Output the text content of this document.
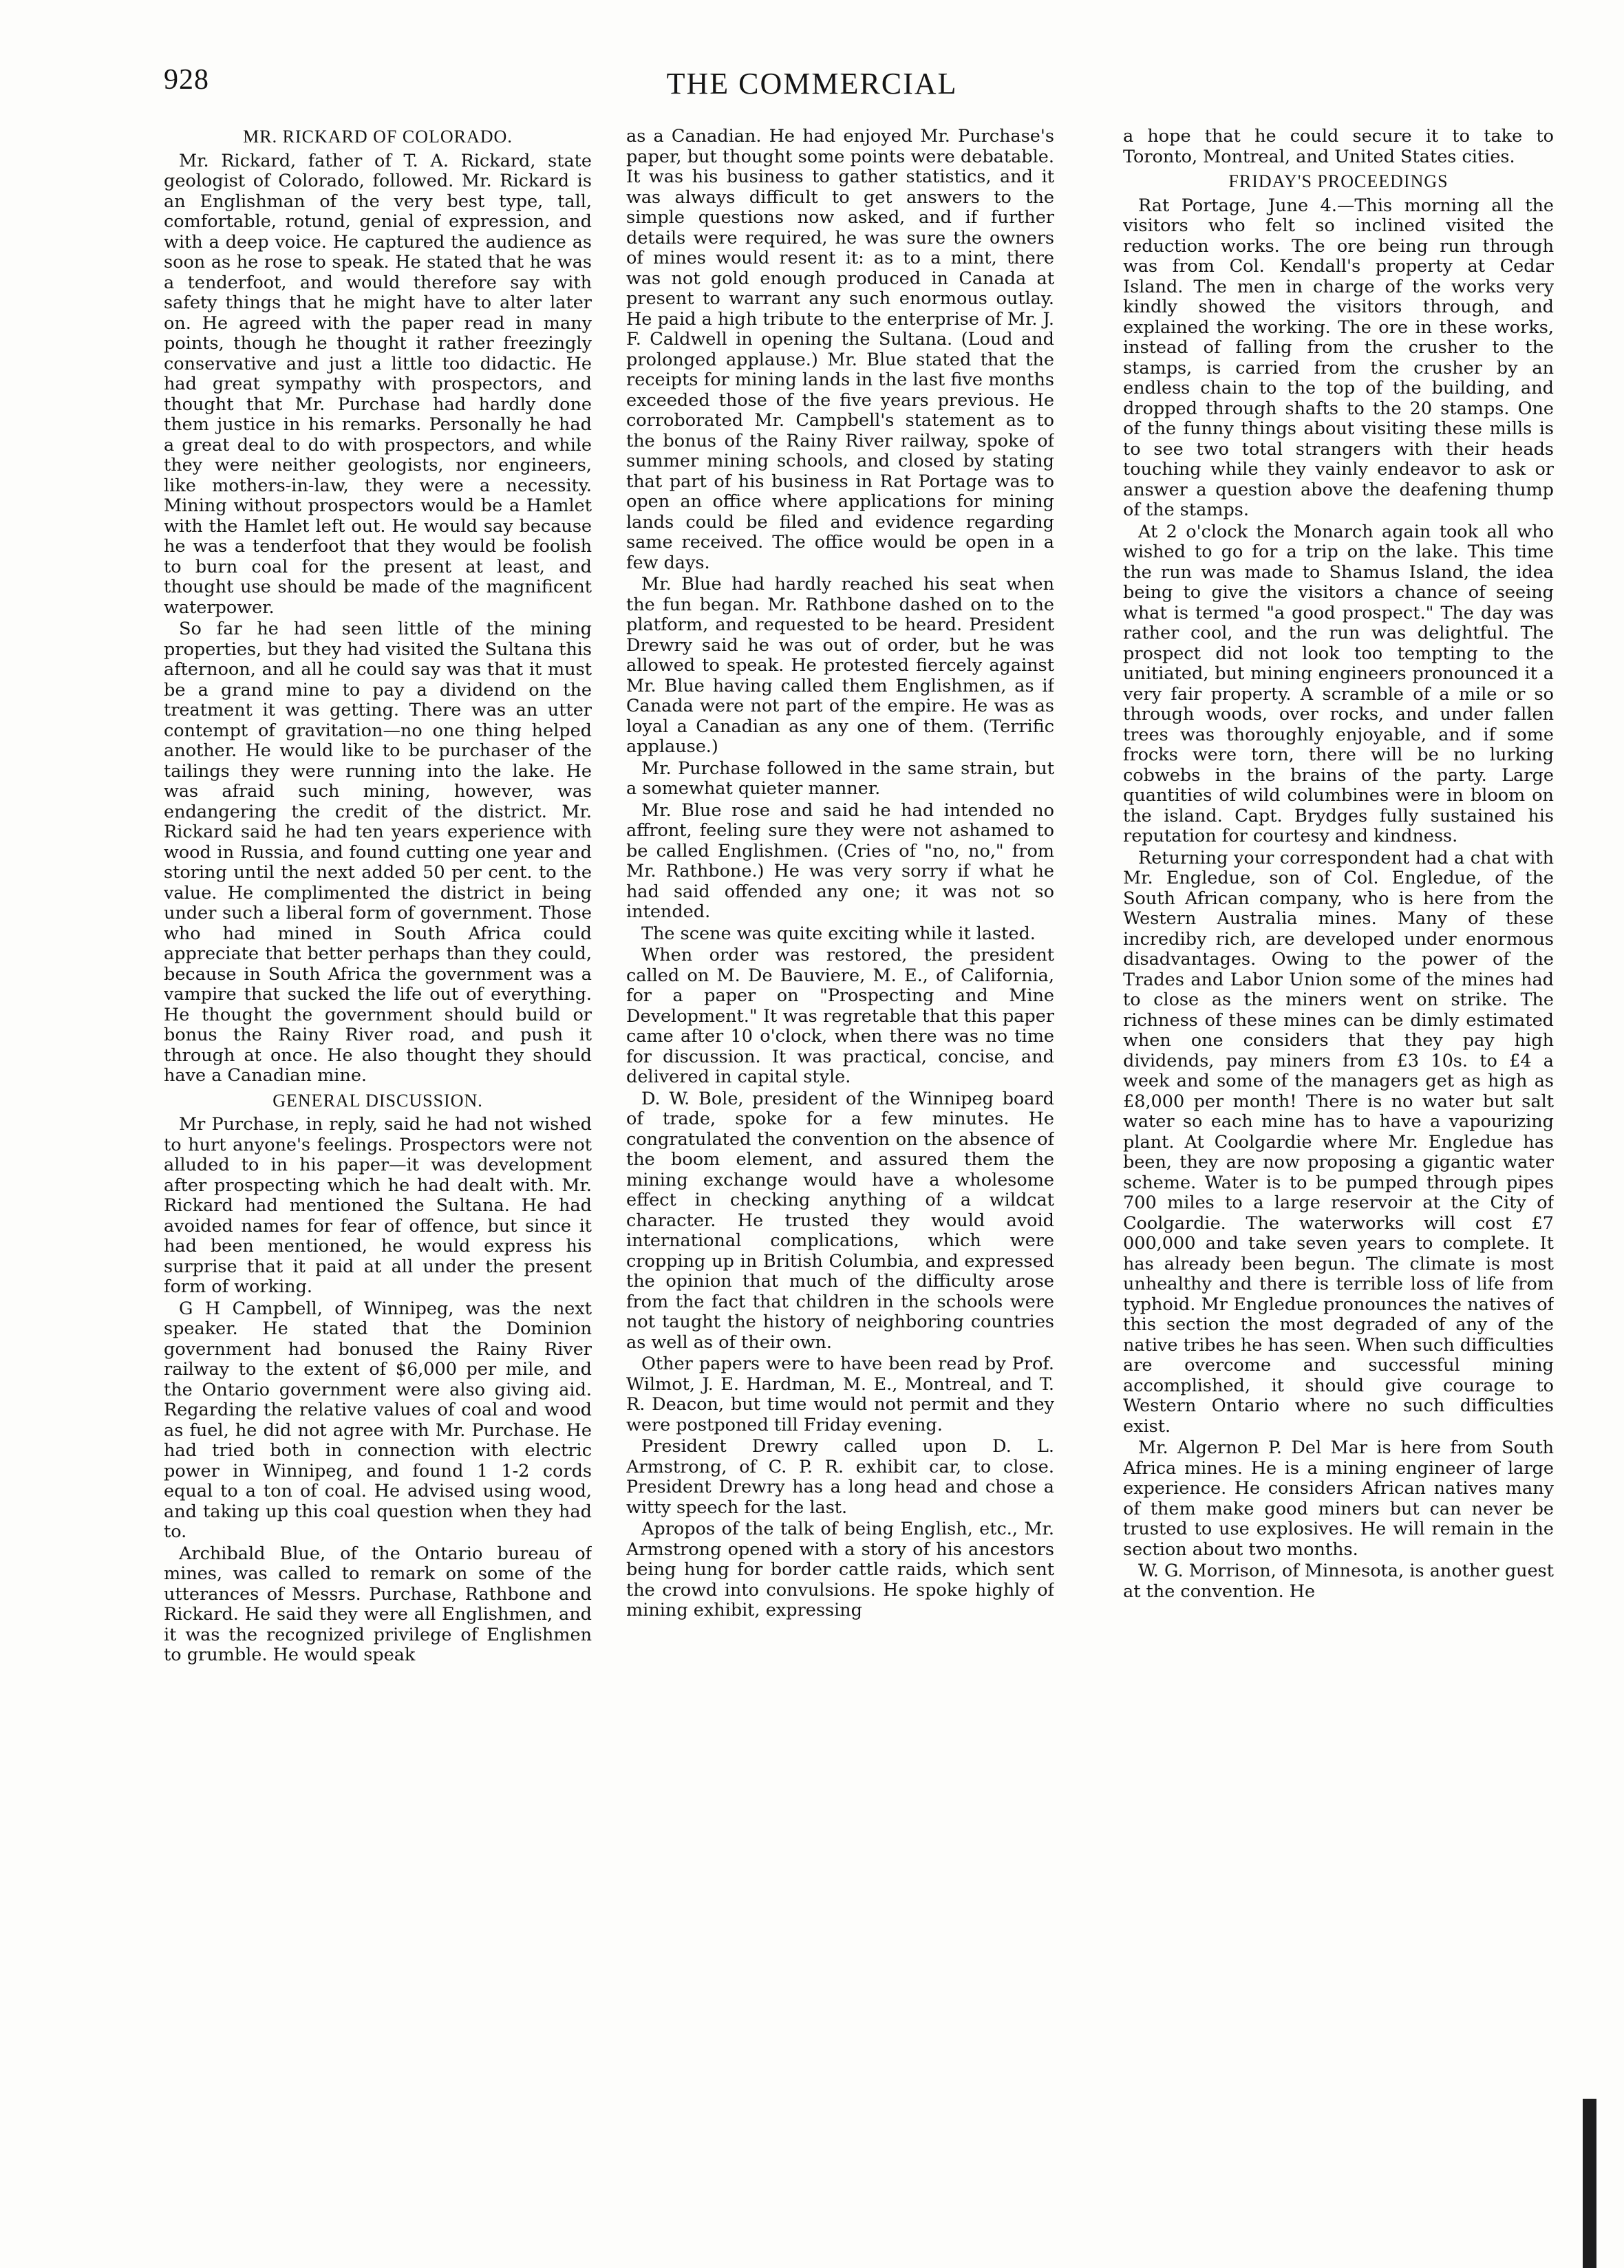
928	THE COMMERCIAL
MR. RICKARD OF COLORADO.

Mr. Rickard, father of T. A. Rickard, state geologist of Colorado, followed. Mr. Rickard is an Englishman of the very best type, tall, comfortable, rotund, genial of expression, and with a deep voice. He captured the audience as soon as he rose to speak. He stated that he was a tenderfoot, and would therefore say with safety things that he might have to alter later on. He agreed with the paper read in many points, though he thought it rather freezingly conservative and just a little too didactic. He had great sympathy with prospectors, and thought that Mr. Purchase had hardly done them justice in his remarks. Personally he had a great deal to do with prospectors, and while they were neither geologists, nor engineers, like mothers-in-law, they were a necessity. Mining without prospectors would be a Hamlet with the Hamlet left out. He would say because he was a tenderfoot that they would be foolish to burn coal for the present at least, and thought use should be made of the magnificent waterpower.

So far he had seen little of the mining properties, but they had visited the Sultana this afternoon, and all he could say was that it must be a grand mine to pay a dividend on the treatment it was getting. There was an utter contempt of gravitation—no one thing helped another. He would like to be purchaser of the tailings they were running into the lake. He was afraid such mining, however, was endangering the credit of the district. Mr. Rickard said he had ten years experience with wood in Russia, and found cutting one year and storing until the next added 50 per cent. to the value. He complimented the district in being under such a liberal form of government. Those who had mined in South Africa could appreciate that better perhaps than they could, because in South Africa the government was a vampire that sucked the life out of everything. He thought the government should build or bonus the Rainy River road, and push it through at once. He also thought they should have a Canadian mine.

GENERAL DISCUSSION.

Mr Purchase, in reply, said he had not wished to hurt anyone's feelings. Prospectors were not alluded to in his paper—it was development after prospecting which he had dealt with. Mr. Rickard had mentioned the Sultana. He had avoided names for fear of offence, but since it had been mentioned, he would express his surprise that it paid at all under the present form of working.

G H Campbell, of Winnipeg, was the next speaker. He stated that the Dominion government had bonused the Rainy River railway to the extent of $6,000 per mile, and the Ontario government were also giving aid. Regarding the relative values of coal and wood as fuel, he did not agree with Mr. Purchase. He had tried both in connection with electric power in Winnipeg, and found 1 1-2 cords equal to a ton of coal. He advised using wood, and taking up this coal question when they had to.

Archibald Blue, of the Ontario bureau of mines, was called to remark on some of the utterances of Messrs. Purchase, Rathbone and Rickard. He said they were all Englishmen, and it was the recognized privilege of Englishmen to grumble. He would speak

as a Canadian. He had enjoyed Mr. Purchase's paper, but thought some points were debatable. It was his business to gather statistics, and it was always difficult to get answers to the simple questions now asked, and if further details were required, he was sure the owners of mines would resent it: as to a mint, there was not gold enough produced in Canada at present to warrant any such enormous outlay. He paid a high tribute to the enterprise of Mr. J. F. Caldwell in opening the Sultana. (Loud and prolonged applause.) Mr. Blue stated that the receipts for mining lands in the last five months exceeded those of the five years previous. He corroborated Mr. Campbell's statement as to the bonus of the Rainy River railway, spoke of summer mining schools, and closed by stating that part of his business in Rat Portage was to open an office where applications for mining lands could be filed and evidence regarding same received. The office would be open in a few days.

Mr. Blue had hardly reached his seat when the fun began. Mr. Rathbone dashed on to the platform, and requested to be heard. President Drewry said he was out of order, but he was allowed to speak. He protested fiercely against Mr. Blue having called them Englishmen, as if Canada were not part of the empire. He was as loyal a Canadian as any one of them. (Terrific applause.)

Mr. Purchase followed in the same strain, but a somewhat quieter manner.

Mr. Blue rose and said he had intended no affront, feeling sure they were not ashamed to be called Englishmen. (Cries of "no, no," from Mr. Rathbone.) He was very sorry if what he had said offended any one; it was not so intended.

The scene was quite exciting while it lasted.

When order was restored, the president called on M. De Bauviere, M. E., of California, for a paper on "Prospecting and Mine Development." It was regretable that this paper came after 10 o'clock, when there was no time for discussion. It was practical, concise, and delivered in capital style.

D. W. Bole, president of the Winnipeg board of trade, spoke for a few minutes. He congratulated the convention on the absence of the boom element, and assured them the mining exchange would have a wholesome effect in checking anything of a wildcat character. He trusted they would avoid international complications, which were cropping up in British Columbia, and expressed the opinion that much of the difficulty arose from the fact that children in the schools were not taught the history of neighboring countries as well as of their own.

Other papers were to have been read by Prof. Wilmot, J. E. Hardman, M. E., Montreal, and T. R. Deacon, but time would not permit and they were postponed till Friday evening.

President Drewry called upon D. L. Armstrong, of C. P. R. exhibit car, to close. President Drewry has a long head and chose a witty speech for the last.

Apropos of the talk of being English, etc., Mr. Armstrong opened with a story of his ancestors being hung for border cattle raids, which sent the crowd into convulsions. He spoke highly of mining exhibit, expressing

a hope that he could secure it to take to Toronto, Montreal, and United States cities.

FRIDAY'S PROCEEDINGS

Rat Portage, June 4.—This morning all the visitors who felt so inclined visited the reduction works. The ore being run through was from Col. Kendall's property at Cedar Island. The men in charge of the works very kindly showed the visitors through, and explained the working. The ore in these works, instead of falling from the crusher to the stamps, is carried from the crusher by an endless chain to the top of the building, and dropped through shafts to the 20 stamps. One of the funny things about visiting these mills is to see two total strangers with their heads touching while they vainly endeavor to ask or answer a question above the deafening thump of the stamps.

At 2 o'clock the Monarch again took all who wished to go for a trip on the lake. This time the run was made to Shamus Island, the idea being to give the visitors a chance of seeing what is termed "a good prospect." The day was rather cool, and the run was delightful. The prospect did not look too tempting to the unitiated, but mining engineers pronounced it a very fair property. A scramble of a mile or so through woods, over rocks, and under fallen trees was thoroughly enjoyable, and if some frocks were torn, there will be no lurking cobwebs in the brains of the party. Large quantities of wild columbines were in bloom on the island. Capt. Brydges fully sustained his reputation for courtesy and kindness.

Returning your correspondent had a chat with Mr. Engledue, son of Col. Engledue, of the South African company, who is here from the Western Australia mines. Many of these incrediby rich, are developed under enormous disadvantages. Owing to the power of the Trades and Labor Union some of the mines had to close as the miners went on strike. The richness of these mines can be dimly estimated when one considers that they pay high dividends, pay miners from £3 10s. to £4 a week and some of the managers get as high as £8,000 per month! There is no water but salt water so each mine has to have a vapourizing plant. At Coolgardie where Mr. Engledue has been, they are now proposing a gigantic water scheme. Water is to be pumped through pipes 700 miles to a large reservoir at the City of Coolgardie. The waterworks will cost £7 000,000 and take seven years to complete. It has already been begun. The climate is most unhealthy and there is terrible loss of life from typhoid. Mr Engledue pronounces the natives of this section the most degraded of any of the native tribes he has seen. When such difficulties are overcome and successful mining accomplished, it should give courage to Western Ontario where no such difficulties exist.

Mr. Algernon P. Del Mar is here from South Africa mines. He is a mining engineer of large experience. He considers African natives many of them make good miners but can never be trusted to use explosives. He will remain in the section about two months.

W. G. Morrison, of Minnesota, is another guest at the convention. He
